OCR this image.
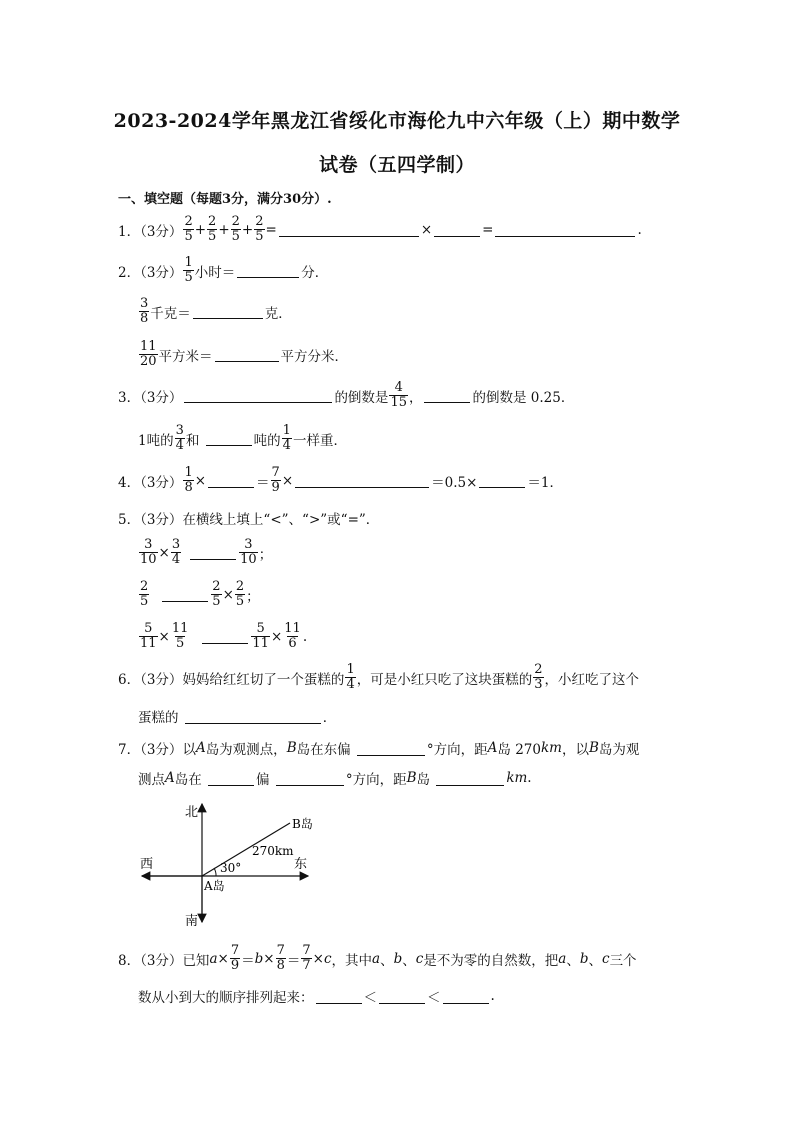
2023-2024学年黑龙江省绥化市海伦九中六年级（上）期中数学
试卷（五四学制）
一、填空题（每题3分，满分30分）.
1．（3分） $\frac{2}{5} + \frac{2}{5} + \frac{2}{5} + \frac{2}{5}$ =	×	=	.
2．（3分） $\frac{1}{5}$ 小时＝	分．
$\frac{3}{8}$ 千克＝	克．
$\frac{11}{20}$ 平方米＝	平方分米．
3．（3分）	的倒数是 $\frac{4}{15}$ ，	的倒数是 0.25．
1吨的 $\frac{3}{4}$ 和
	吨的 $\frac{1}{4}$ 一样重．
4．（3分） $\frac{1}{8}$ ×	＝ $\frac{7}{9}$ ×	＝0.5×	＝1．
5．（3分） 在横线上填上“<”、“>”或“=”．
$\frac{3}{10} \times \frac{3}{4}$	$\frac{3}{10}$ ；
$\frac{2}{5}$	$\frac{2}{5} \times \frac{2}{5}$ ；
$\frac{5}{11} \times \frac{11}{5}$	$\frac{5}{11} \times \frac{11}{6}$ .
6．（3分） 妈妈给红红切了一个蛋糕的 $\frac{1}{4}$ ，可是小红只吃了这块蛋糕的 $\frac{2}{3}$ ，小红吃了这个
蛋糕的
	．
7．（3分） 以 A 岛为观测点， B 岛在东偏
	°方向，距 A 岛 270 km ，以 B 岛为观
测点 A 岛在
	偏
	°方向，距 B 岛
	km .
北
南
西	东
B岛
A岛
270km
30°
8．（3分） 已知 $a \times \frac{7}{9} = b \times \frac{7}{8} = \frac{7}{7} \times c$ ，其中 a 、 b 、 c 是不为零的自然数，把 a 、 b 、 c 三个
数从小到大的顺序排列起来：	＜	＜	.
